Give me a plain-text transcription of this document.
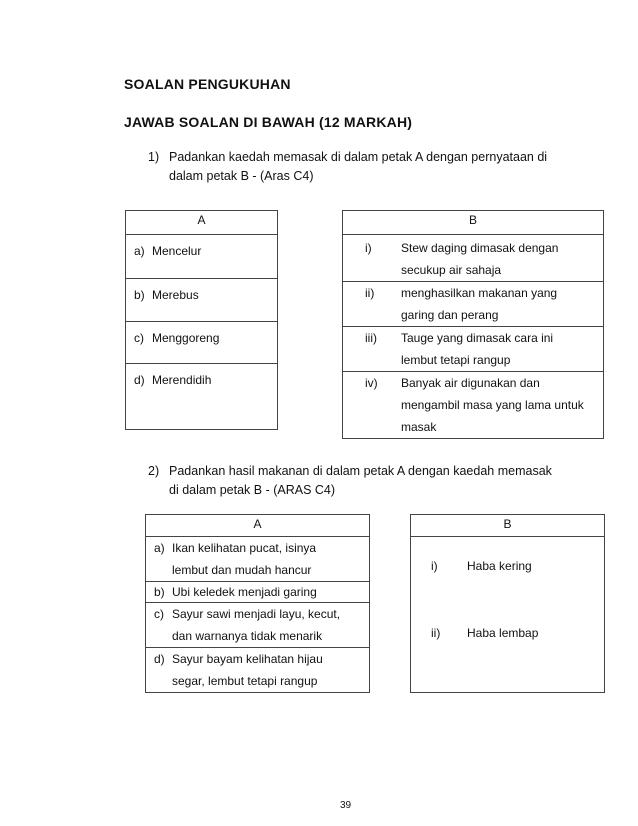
SOALAN PENGUKUHAN
JAWAB SOALAN DI BAWAH (12 MARKAH)
1) Padankan kaedah memasak di dalam petak A dengan pernyataan di
dalam petak B - (Aras C4)
A

a) Mencelur

b) Merebus

c) Menggoreng

d) Merendidih
B

i) Stew daging dimasak dengan
secukup air sahaja

ii) menghasilkan makanan yang
garing dan perang

iii) Tauge yang dimasak cara ini
lembut tetapi rangup

iv) Banyak air digunakan dan
mengambil masa yang lama untuk
masak
2) Padankan hasil makanan di dalam petak A dengan kaedah memasak
di dalam petak B - (ARAS C4)
A

a) Ikan kelihatan pucat, isinya
lembut dan mudah hancur

b) Ubi keledek menjadi garing

c) Sayur sawi menjadi layu, kecut,
dan warnanya tidak menarik

d) Sayur bayam kelihatan hijau
segar, lembut tetapi rangup
B

i) Haba kering
ii) Haba lembap
39
